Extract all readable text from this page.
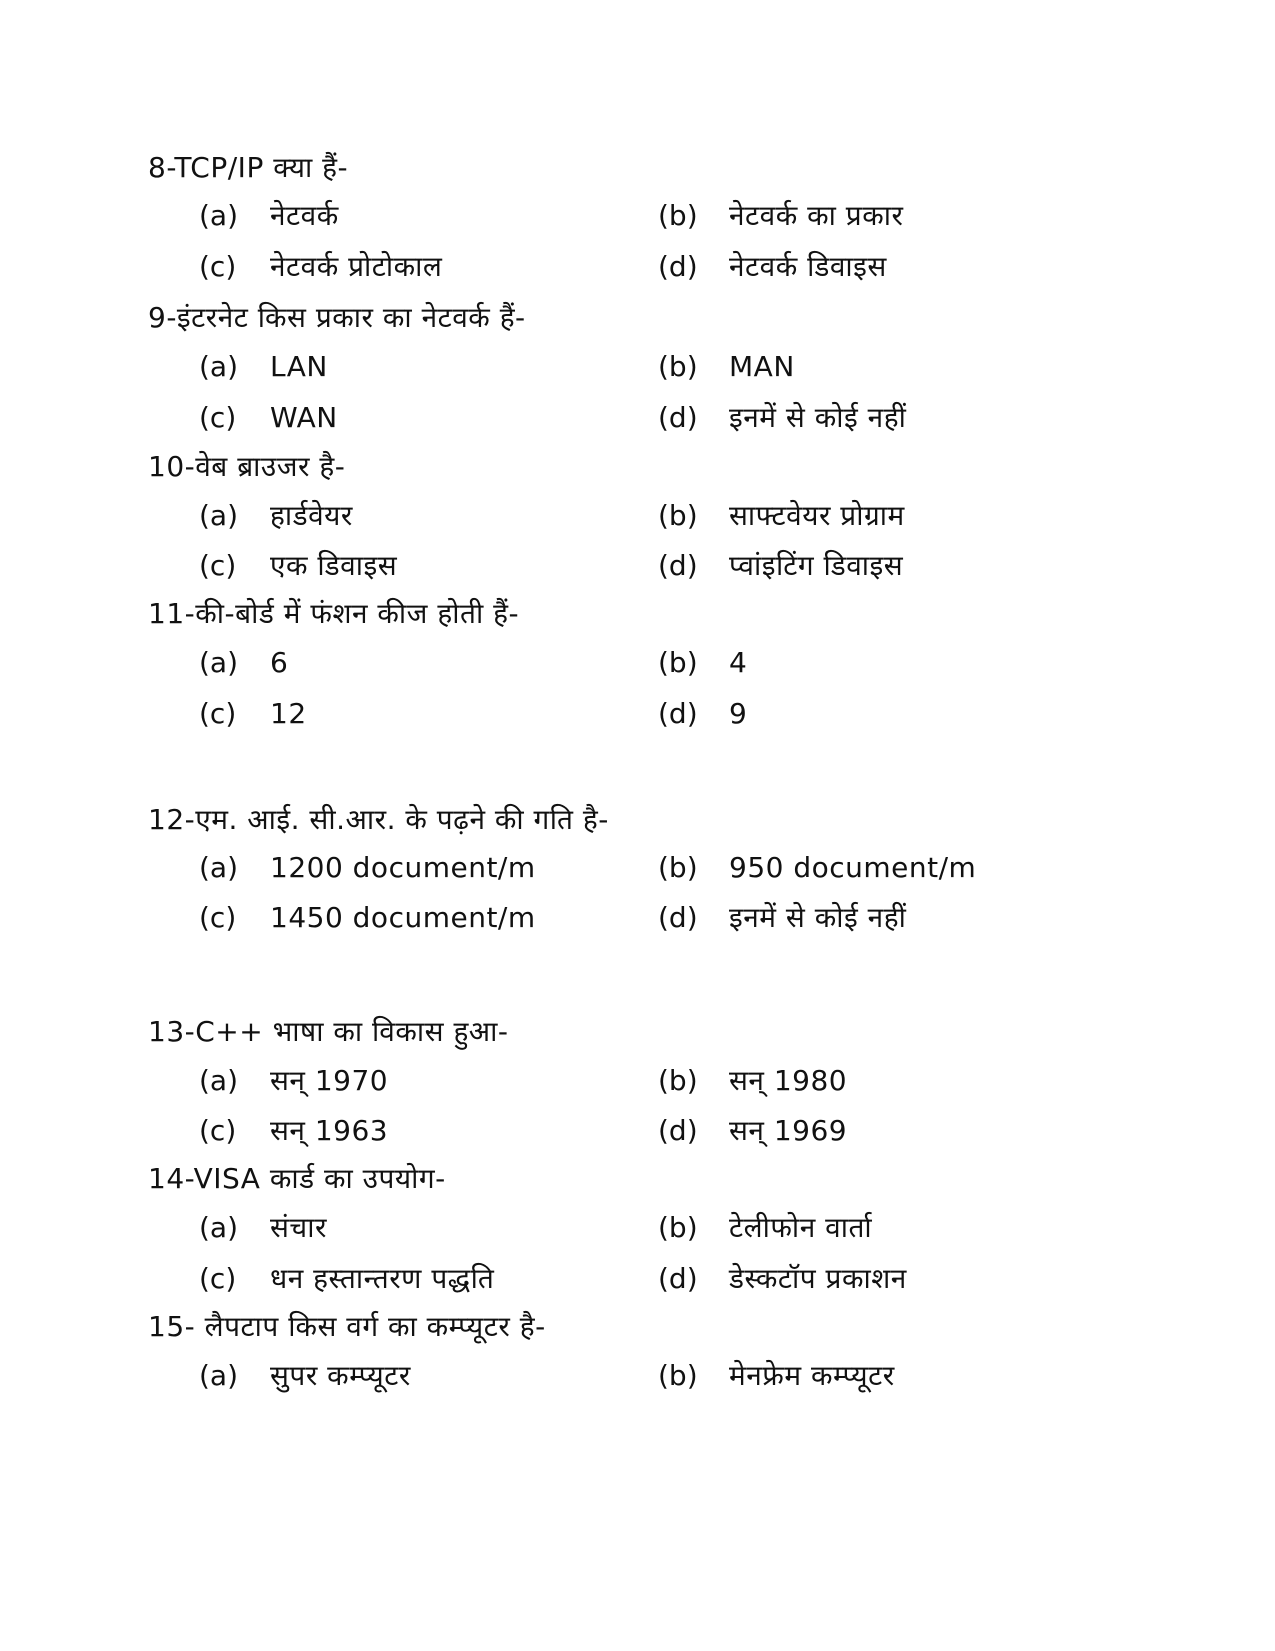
8-TCP/IP क्या हैं-
(a) नेटवर्क	(b) नेटवर्क का प्रकार
(c) नेटवर्क प्रोटोकाल	(d) नेटवर्क डिवाइस
9-इंटरनेट किस प्रकार का नेटवर्क हैं-
(a) LAN	(b) MAN
(c) WAN	(d) इनमें से कोई नहीं
10-वेब ब्राउजर है-
(a) हार्डवेयर	(b) साफ्टवेयर प्रोग्राम
(c) एक डिवाइस	(d) प्वांइटिंग डिवाइस
11-की-बोर्ड में फंशन कीज होती हैं-
(a) 6	(b) 4
(c) 12	(d) 9
12-एम. आई. सी.आर. के पढ़ने की गति है-
(a) 1200 document/m	(b) 950 document/m
(c) 1450 document/m	(d) इनमें से कोई नहीं
13-C++ भाषा का विकास हुआ-
(a) सन् 1970	(b) सन् 1980
(c) सन् 1963	(d) सन् 1969
14-VISA कार्ड का उपयोग-
(a) संचार	(b) टेलीफोन वार्ता
(c) धन हस्तान्तरण पद्धति	(d) डेस्कटॉप प्रकाशन
15- लैपटाप किस वर्ग का कम्प्यूटर है-
(a) सुपर कम्प्यूटर	(b) मेनफ्रेम कम्प्यूटर
